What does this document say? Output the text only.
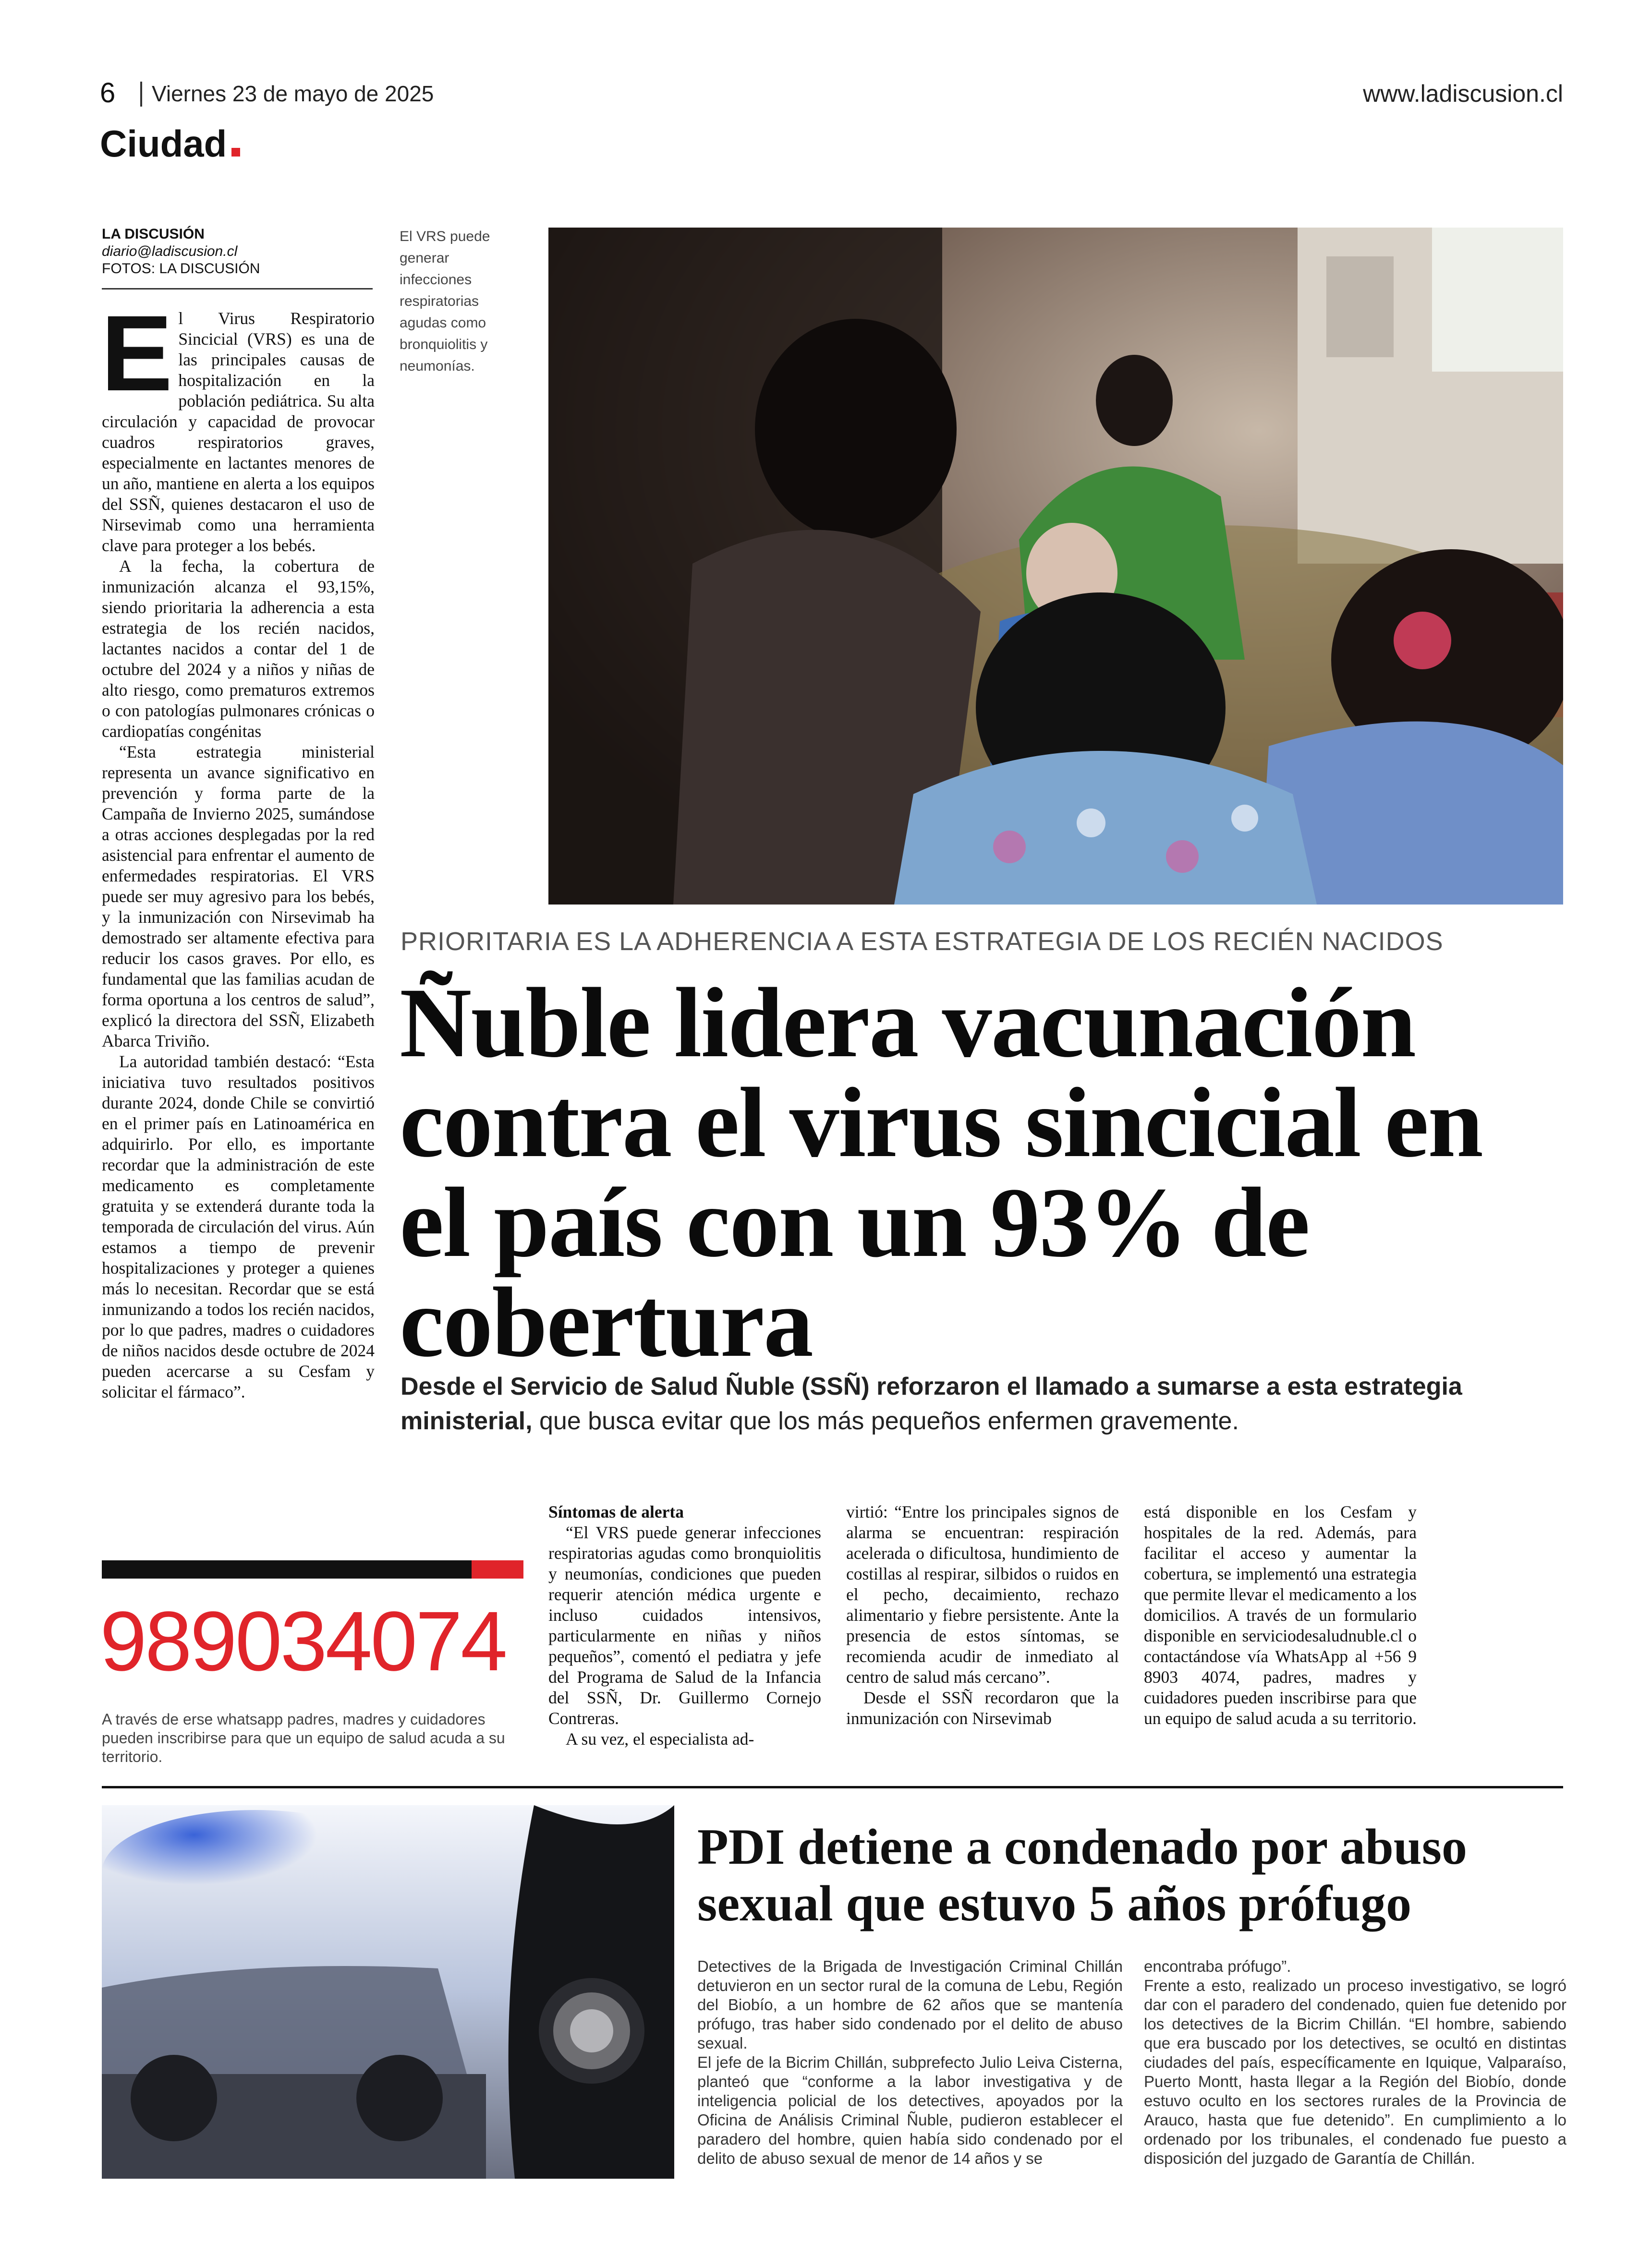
6 Viernes 23 de mayo de 2025	www.ladiscusion.cl
Ciudad
LA DISCUSIÓN
diario@ladiscusion.cl
FOTOS: LA DISCUSIÓN

El Virus Respiratorio Sincicial (VRS) es una de las principales causas de hospitalización en la población pediátrica. Su alta circulación y capacidad de provocar cuadros respiratorios graves, especialmente en lactantes menores de un año, mantiene en alerta a los equipos del SSÑ, quienes destacaron el uso de Nirsevimab como una herramienta clave para proteger a los bebés.

A la fecha, la cobertura de inmunización alcanza el 93,15%, siendo prioritaria la adherencia a esta estrategia de los recién nacidos, lactantes nacidos a contar del 1 de octubre del 2024 y a niños y niñas de alto riesgo, como prematuros extremos o con patologías pulmonares crónicas o cardiopatías congénitas

“Esta estrategia ministerial representa un avance significativo en prevención y forma parte de la Campaña de Invierno 2025, sumándose a otras acciones desplegadas por la red asistencial para enfrentar el aumento de enfermedades respiratorias. El VRS puede ser muy agresivo para los bebés, y la inmunización con Nirsevimab ha demostrado ser altamente efectiva para reducir los casos graves. Por ello, es fundamental que las familias acudan de forma oportuna a los centros de salud”, explicó la directora del SSÑ, Elizabeth Abarca Triviño.

La autoridad también destacó: “Esta iniciativa tuvo resultados positivos durante 2024, donde Chile se convirtió en el primer país en Latinoamérica en adquirirlo. Por ello, es importante recordar que la administración de este medicamento es completamente gratuita y se extenderá durante toda la temporada de circulación del virus. Aún estamos a tiempo de prevenir hospitalizaciones y proteger a quienes más lo necesitan. Recordar que se está inmunizando a todos los recién nacidos, por lo que padres, madres o cuidadores de niños nacidos desde octubre de 2024 pueden acercarse a su Cesfam y solicitar el fármaco”.

El VRS puede generar infecciones respiratorias agudas como bronquiolitis y neumonías.
PRIORITARIA ES LA ADHERENCIA A ESTA ESTRATEGIA DE LOS RECIÉN NACIDOS
Ñuble lidera vacunación contra el virus sincicial en el país con un 93% de cobertura
Desde el Servicio de Salud Ñuble (SSÑ) reforzaron el llamado a sumarse a esta estrategia ministerial, que busca evitar que los más pequeños enfermen gravemente.

Síntomas de alerta

“El VRS puede generar infecciones respiratorias agudas como bronquiolitis y neumonías, condiciones que pueden requerir atención médica urgente e incluso cuidados intensivos, particularmente en niñas y niños pequeños”, comentó el pediatra y jefe del Programa de Salud de la Infancia del SSÑ, Dr. Guillermo Cornejo Contreras.

A su vez, el especialista ad-

virtió: “Entre los principales signos de alarma se encuentran: respiración acelerada o dificultosa, hundimiento de costillas al respirar, silbidos o ruidos en el pecho, decaimiento, rechazo alimentario y fiebre persistente. Ante la presencia de estos síntomas, se recomienda acudir de inmediato al centro de salud más cercano”.

Desde el SSÑ recordaron que la inmunización con Nirsevimab

está disponible en los Cesfam y hospitales de la red. Además, para facilitar el acceso y aumentar la cobertura, se implementó una estrategia que permite llevar el medicamento a los domicilios. A través de un formulario disponible en serviciodesaludnuble.cl o contactándose vía WhatsApp al +56 9 8903 4074, padres, madres y cuidadores pueden inscribirse para que un equipo de salud acuda a su territorio.

989034074
A través de erse whatsapp padres, madres y cuidadores pueden inscribirse para que un equipo de salud acuda a su territorio.
PDI detiene a condenado por abuso sexual que estuvo 5 años prófugo

Detectives de la Brigada de Investigación Criminal Chillán detuvieron en un sector rural de la comuna de Lebu, Región del Biobío, a un hombre de 62 años que se mantenía prófugo, tras haber sido condenado por el delito de abuso sexual.

El jefe de la Bicrim Chillán, subprefecto Julio Leiva Cisterna, planteó que “conforme a la labor investigativa y de inteligencia policial de los detectives, apoyados por la Oficina de Análisis Criminal Ñuble, pudieron establecer el paradero del hombre, quien había sido condenado por el delito de abuso sexual de menor de 14 años y se

encontraba prófugo”.

Frente a esto, realizado un proceso investigativo, se logró dar con el paradero del condenado, quien fue detenido por los detectives de la Bicrim Chillán. “El hombre, sabiendo que era buscado por los detectives, se ocultó en distintas ciudades del país, específicamente en Iquique, Valparaíso, Puerto Montt, hasta llegar a la Región del Biobío, donde estuvo oculto en los sectores rurales de la Provincia de Arauco, hasta que fue detenido”. En cumplimiento a lo ordenado por los tribunales, el condenado fue puesto a disposición del juzgado de Garantía de Chillán.
